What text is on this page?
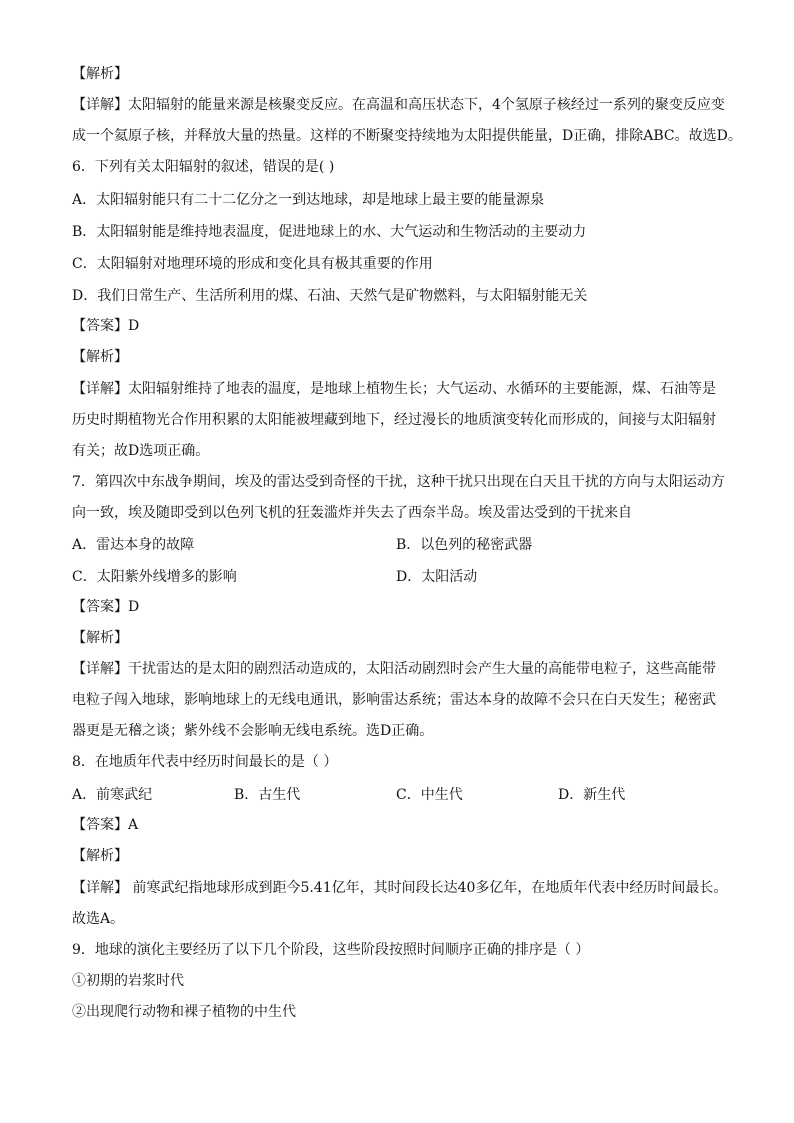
【解析】
【详解】太阳辐射的能量来源是核聚变反应。在高温和高压状态下，4个氢原子核经过一系列的聚变反应变
成一个氦原子核，并释放大量的热量。这样的不断聚变持续地为太阳提供能量，D正确，排除ABC。故选D。
6．下列有关太阳辐射的叙述，错误的是( )
A．太阳辐射能只有二十二亿分之一到达地球，却是地球上最主要的能量源泉
B．太阳辐射能是维持地表温度，促进地球上的水、大气运动和生物活动的主要动力
C．太阳辐射对地理环境的形成和变化具有极其重要的作用
D．我们日常生产、生活所利用的煤、石油、天然气是矿物燃料，与太阳辐射能无关
【答案】D
【解析】
【详解】太阳辐射维持了地表的温度，是地球上植物生长；大气运动、水循环的主要能源，煤、石油等是
历史时期植物光合作用积累的太阳能被埋藏到地下，经过漫长的地质演变转化而形成的，间接与太阳辐射
有关；故D选项正确。
7．第四次中东战争期间，埃及的雷达受到奇怪的干扰，这种干扰只出现在白天且干扰的方向与太阳运动方
向一致，埃及随即受到以色列飞机的狂轰滥炸并失去了西奈半岛。埃及雷达受到的干扰来自
A．雷达本身的故障	B．以色列的秘密武器
C．太阳紫外线增多的影响	D．太阳活动
【答案】D
【解析】
【详解】干扰雷达的是太阳的剧烈活动造成的，太阳活动剧烈时会产生大量的高能带电粒子，这些高能带
电粒子闯入地球，影响地球上的无线电通讯，影响雷达系统；雷达本身的故障不会只在白天发生；秘密武
器更是无稽之谈；紫外线不会影响无线电系统。选D正确。
8．在地质年代表中经历时间最长的是（ ）
A．前寒武纪	B．古生代	C．中生代	D．新生代
【答案】A
【解析】
【详解】 前寒武纪指地球形成到距今5.41亿年，其时间段长达40多亿年，在地质年代表中经历时间最长。
故选A。
9．地球的演化主要经历了以下几个阶段，这些阶段按照时间顺序正确的排序是（ ）
①初期的岩浆时代
②出现爬行动物和裸子植物的中生代
